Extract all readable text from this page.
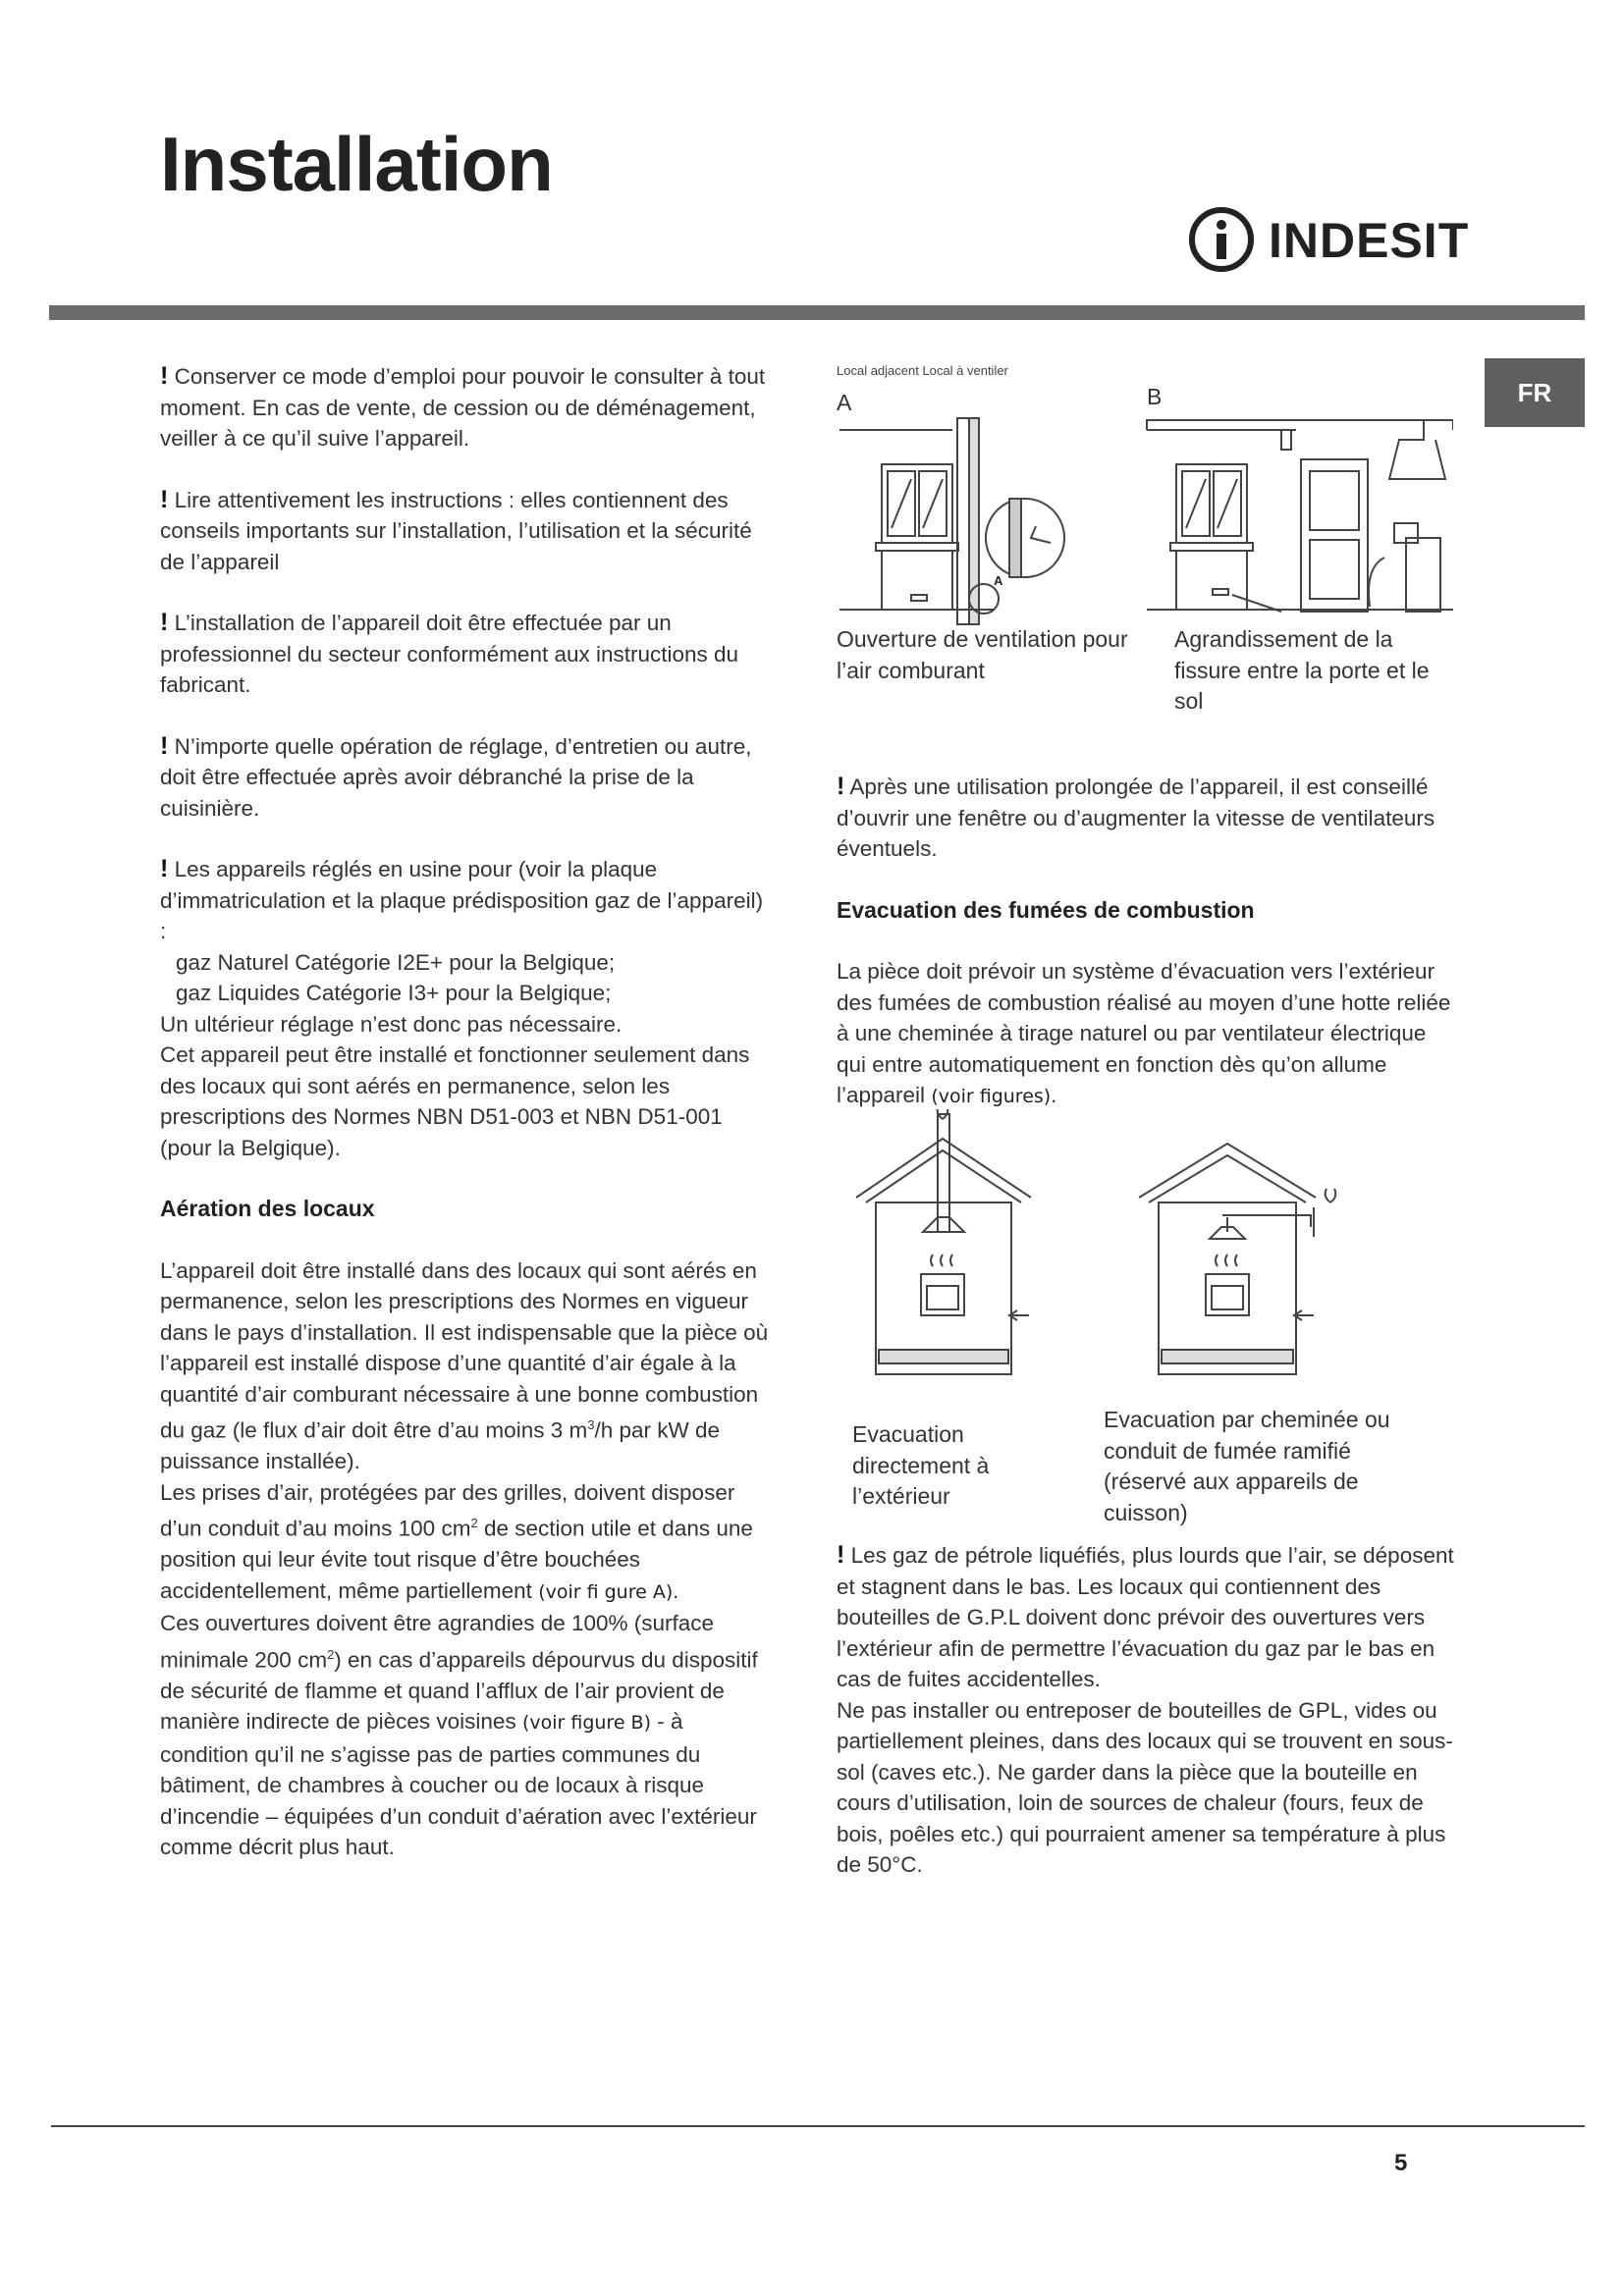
Installation
INDESIT
FR

! Conserver ce mode d’emploi pour pouvoir le consulter à tout moment. En cas de vente, de cession ou de déménagement, veiller à ce qu’il suive l’appareil.

! Lire attentivement les instructions : elles contiennent des conseils importants sur l’installation, l’utilisation et la sécurité de l’appareil

! L’installation de l’appareil doit être effectuée par un professionnel du secteur conformément aux instructions du fabricant.

! N’importe quelle opération de réglage, d’entretien ou autre, doit être effectuée après avoir débranché la prise de la cuisinière.

! Les appareils réglés en usine pour (voir la plaque d’immatriculation et la plaque prédisposition gaz de l’appareil) :

gaz Naturel Catégorie I2E+ pour la Belgique;

gaz Liquides Catégorie I3+ pour la Belgique;

Un ultérieur réglage n’est donc pas nécessaire.

Cet appareil peut être installé et fonctionner seulement dans des locaux qui sont aérés en permanence, selon les prescriptions des Normes NBN D51-003 et NBN D51-001 (pour la Belgique).

Aération des locaux

L’appareil doit être installé dans des locaux qui sont aérés en permanence, selon les prescriptions des Normes en vigueur dans le pays d’installation. Il est indispensable que la pièce où l’appareil est installé dispose d’une quantité d’air égale à la quantité d’air comburant nécessaire à une bonne combustion du gaz (le flux d’air doit être d’au moins 3 $m^3/h$ par kW de puissance installée).

Les prises d’air, protégées par des grilles, doivent disposer d’un conduit d’au moins 100 $cm^2$ de section utile et dans une position qui leur évite tout risque d’être bouchées accidentellement, même partiellement (voir fi gure A).

Ces ouvertures doivent être agrandies de 100% (surface minimale 200 $cm^2$) en cas d’appareils dépourvus du dispositif de sécurité de flamme et quand l’afflux de l’air provient de manière indirecte de pièces voisines (voir figure B) - à condition qu’il ne s’agisse pas de parties communes du bâtiment, de chambres à coucher ou de locaux à risque d’incendie – équipées d’un conduit d’aération avec l’extérieur comme décrit plus haut.

Local adjacent Local à ventiler
A	B
A
Ouverture de ventilation pour l’air comburant
Agrandissement de la fissure entre la porte et le sol

! Après une utilisation prolongée de l’appareil, il est conseillé d’ouvrir une fenêtre ou d’augmenter la vitesse de ventilateurs éventuels.

Evacuation des fumées de combustion

La pièce doit prévoir un système d’évacuation vers l’extérieur des fumées de combustion réalisé au moyen d’une hotte reliée à une cheminée à tirage naturel ou par ventilateur électrique qui entre automatiquement en fonction dès qu’on allume l’appareil (voir figures).

Evacuation directement à l’extérieur
Evacuation par cheminée ou conduit de fumée ramifié (réservé aux appareils de cuisson)

! Les gaz de pétrole liquéfiés, plus lourds que l’air, se déposent et stagnent dans le bas. Les locaux qui contiennent des bouteilles de G.P.L doivent donc prévoir des ouvertures vers l’extérieur afin de permettre l’évacuation du gaz par le bas en cas de fuites accidentelles.

Ne pas installer ou entreposer de bouteilles de GPL, vides ou partiellement pleines, dans des locaux qui se trouvent en sous-sol (caves etc.). Ne garder dans la pièce que la bouteille en cours d’utilisation, loin de sources de chaleur (fours, feux de bois, poêles etc.) qui pourraient amener sa température à plus de 50°C.

5
